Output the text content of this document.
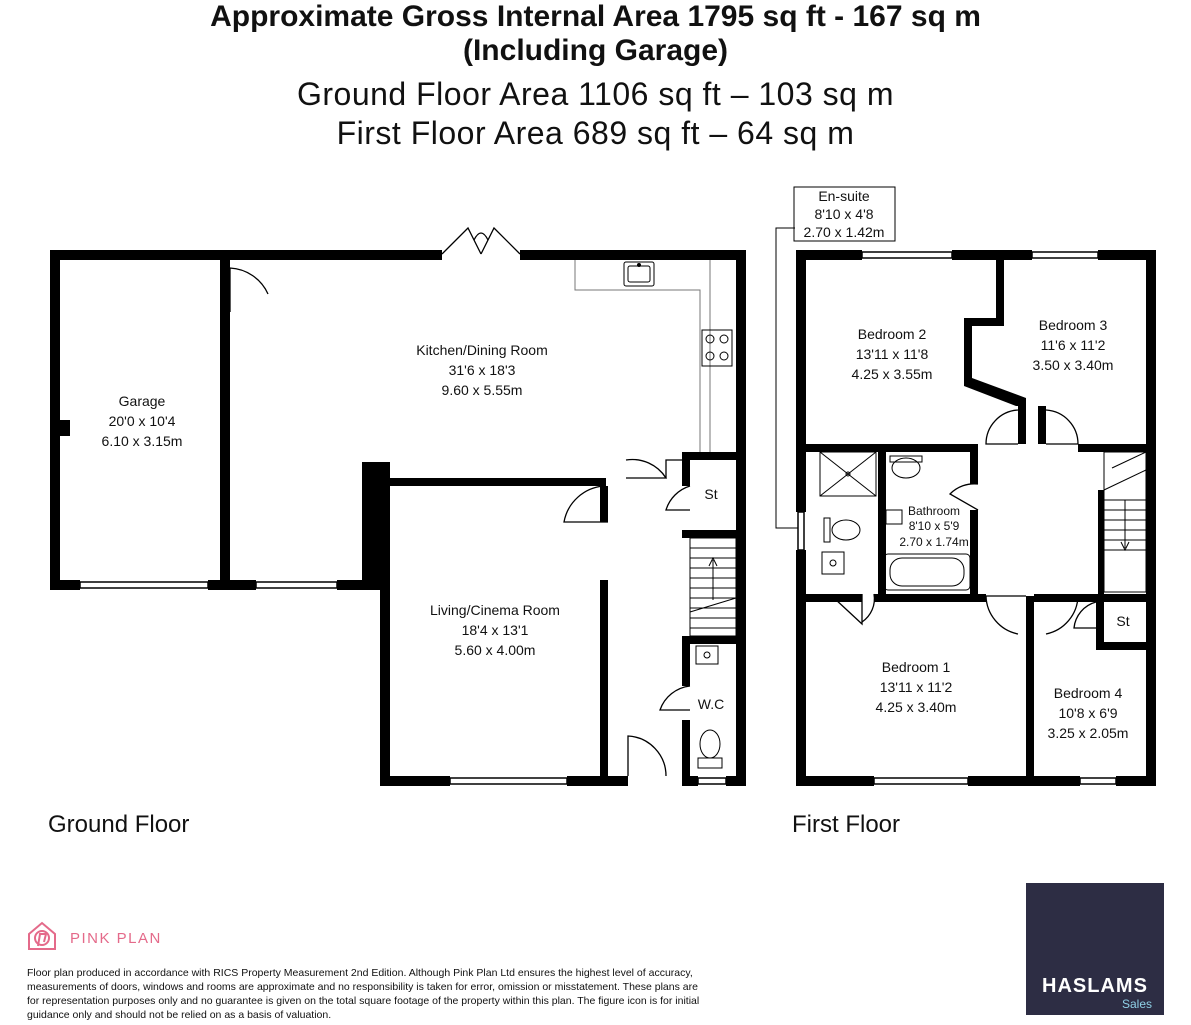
Approximate Gross Internal Area 1795 sq ft - 167 sq m
(Including Garage)
Ground Floor Area 1106 sq ft – 103 sq m
First Floor Area 689 sq ft – 64 sq m
Garage
20'0 x 10'4
6.10 x 3.15m
Kitchen/Dining Room
31'6 x 18'3
9.60 x 5.55m
Living/Cinema Room
18'4 x 13'1
5.60 x 4.00m
St
W.C
En-suite
8'10 x 4'8
2.70 x 1.42m
Bedroom 2
13'11 x 11'8
4.25 x 3.55m
Bedroom 3
11'6 x 11'2
3.50 x 3.40m
Bathroom
8'10 x 5'9
2.70 x 1.74m
Bedroom 1
13'11 x 11'2
4.25 x 3.40m
Bedroom 4
10'8 x 6'9
3.25 x 2.05m
St
Ground Floor	First Floor
PINK PLAN
Floor plan produced in accordance with RICS Property Measurement 2nd Edition. Although Pink Plan Ltd ensures the highest level of accuracy, measurements of doors, windows and rooms are approximate and no responsibility is taken for error, omission or misstatement. These plans are for representation purposes only and no guarantee is given on the total square footage of the property within this plan. The figure icon is for initial guidance only and should not be relied on as a basis of valuation.
HASLAMS
Sales
